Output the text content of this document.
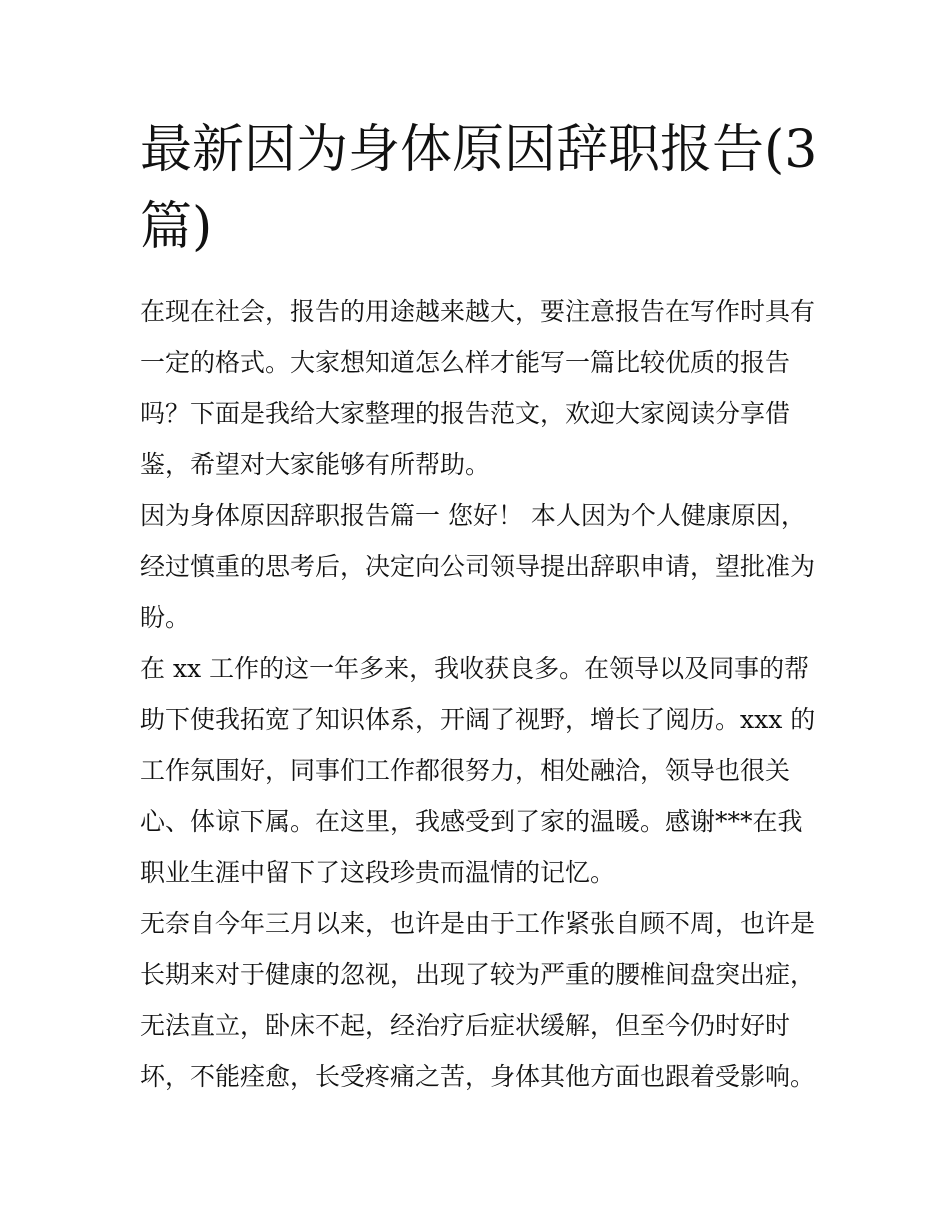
最新因为身体原因辞职报告(3
篇)

在现在社会，报告的用途越来越大，要注意报告在写作时具有
一定的格式。大家想知道怎么样才能写一篇比较优质的报告
吗？下面是我给大家整理的报告范文，欢迎大家阅读分享借
鉴，希望对大家能够有所帮助。

因为身体原因辞职报告篇一 您好！ 本人因为个人健康原因，
经过慎重的思考后，决定向公司领导提出辞职申请，望批准为
盼。

在 xx 工作的这一年多来，我收获良多。在领导以及同事的帮
助下使我拓宽了知识体系，开阔了视野，增长了阅历。xxx 的
工作氛围好，同事们工作都很努力，相处融洽，领导也很关
心、体谅下属。在这里，我感受到了家的温暖。感谢***在我
职业生涯中留下了这段珍贵而温情的记忆。

无奈自今年三月以来，也许是由于工作紧张自顾不周，也许是
长期来对于健康的忽视，出现了较为严重的腰椎间盘突出症，
无法直立，卧床不起，经治疗后症状缓解，但至今仍时好时
坏，不能痊愈，长受疼痛之苦，身体其他方面也跟着受影响。
